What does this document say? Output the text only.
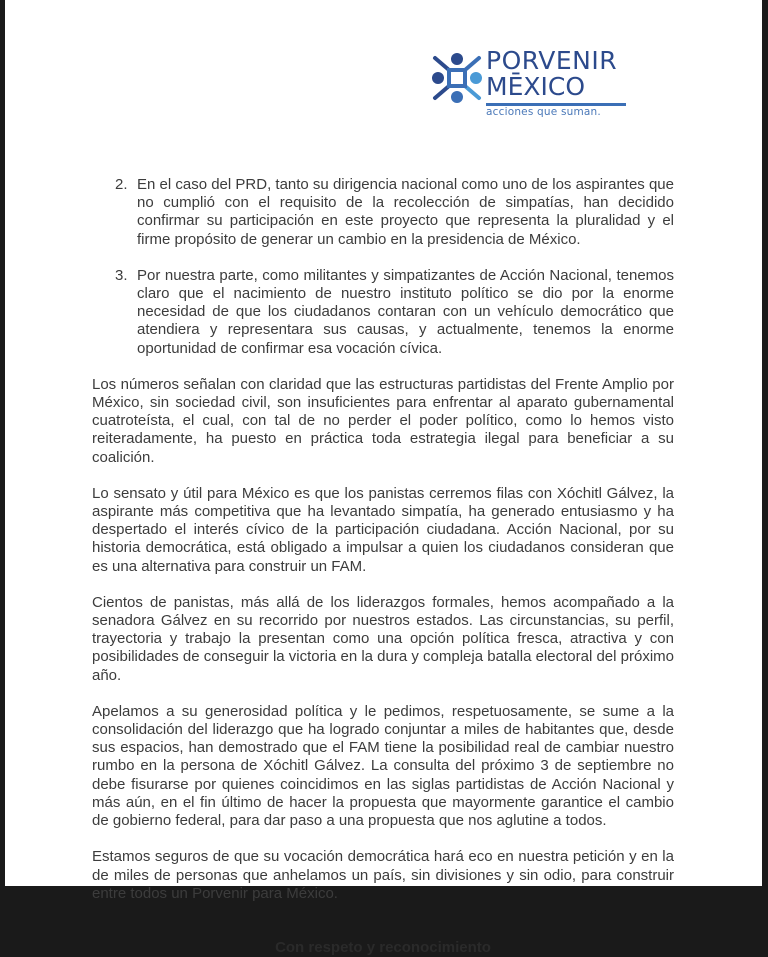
PORVENIR
MĒXICO
acciones que suman.
2. En el caso del PRD, tanto su dirigencia nacional como uno de los aspirantes que no cumplió con el requisito de la recolección de simpatías, han decidido confirmar su participación en este proyecto que representa la pluralidad y el firme propósito de generar un cambio en la presidencia de México.
3. Por nuestra parte, como militantes y simpatizantes de Acción Nacional, tenemos claro que el nacimiento de nuestro instituto político se dio por la enorme necesidad de que los ciudadanos contaran con un vehículo democrático que atendiera y representara sus causas, y actualmente, tenemos la enorme oportunidad de confirmar esa vocación cívica.

Los números señalan con claridad que las estructuras partidistas del Frente Amplio por México, sin sociedad civil, son insuficientes para enfrentar al aparato gubernamental cuatroteísta, el cual, con tal de no perder el poder político, como lo hemos visto reiteradamente, ha puesto en práctica toda estrategia ilegal para beneficiar a su coalición.

Lo sensato y útil para México es que los panistas cerremos filas con Xóchitl Gálvez, la aspirante más competitiva que ha levantado simpatía, ha generado entusiasmo y ha despertado el interés cívico de la participación ciudadana. Acción Nacional, por su historia democrática, está obligado a impulsar a quien los ciudadanos consideran que es una alternativa para construir un FAM.

Cientos de panistas, más allá de los liderazgos formales, hemos acompañado a la senadora Gálvez en su recorrido por nuestros estados. Las circunstancias, su perfil, trayectoria y trabajo la presentan como una opción política fresca, atractiva y con posibilidades de conseguir la victoria en la dura y compleja batalla electoral del próximo año.

Apelamos a su generosidad política y le pedimos, respetuosamente, se sume a la consolidación del liderazgo que ha logrado conjuntar a miles de habitantes que, desde sus espacios, han demostrado que el FAM tiene la posibilidad real de cambiar nuestro rumbo en la persona de Xóchitl Gálvez. La consulta del próximo 3 de septiembre no debe fisurarse por quienes coincidimos en las siglas partidistas de Acción Nacional y más aún, en el fin último de hacer la propuesta que mayormente garantice el cambio de gobierno federal, para dar paso a una propuesta que nos aglutine a todos.

Estamos seguros de que su vocación democrática hará eco en nuestra petición y en la de miles de personas que anhelamos un país, sin divisiones y sin odio, para construir entre todos un Porvenir para México.

Con respeto y reconocimiento
